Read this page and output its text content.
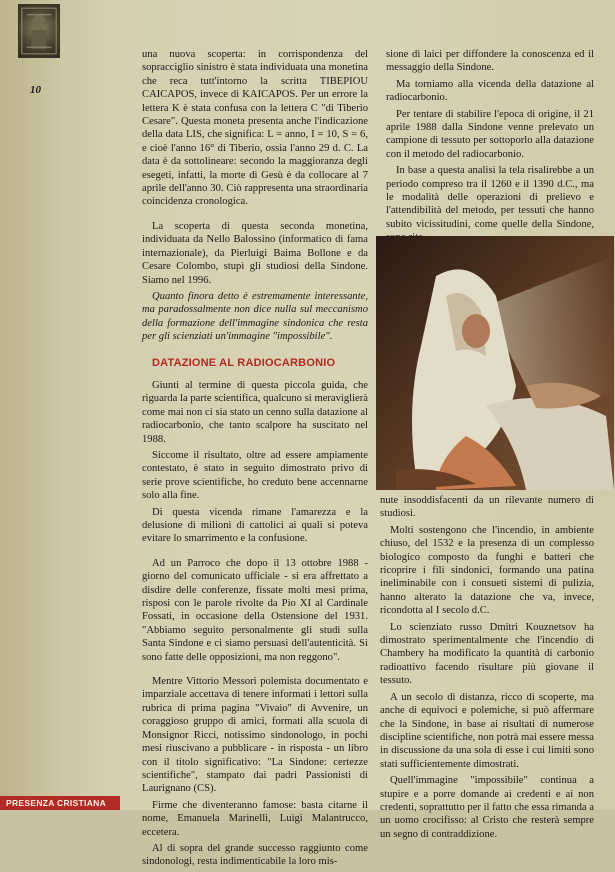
10

una nuova scoperta: in corrispondenza del sopracciglio sinistro è stata individuata una monetina che reca tutt'intorno la scritta TIBEPIOU CAICAPOS, invece di KAICAPOS. Per un errore la lettera K è stata confusa con la lettera C "di Tiberio Cesare". Questa moneta presenta anche l'indicazione della data LIS, che significa: L = anno, I = 10, S = 6, e cioè l'anno 16° di Tiberio, ossia l'anno 29 d. C. La data è da sottolineare: secondo la maggioranza degli esegeti, infatti, la morte di Gesù è da collocare al 7 aprile dell'anno 30. Ciò rappresenta una straordinaria coincidenza cronologica.

La scoperta di questa seconda monetina, individuata da Nello Balossino (informatico di fama internazionale), da Pierluigi Baima Bollone e da Cesare Colombo, stupì gli studiosi della Sindone. Siamo nel 1996.

Quanto finora detto è estremamente interessante, ma paradossalmente non dice nulla sul meccanismo della formazione dell'immagine sindonica che resta per gli scienziati un'immagine "impossibile".

DATAZIONE AL RADIOCARBONIO

Giunti al termine di questa piccola guida, che riguarda la parte scientifica, qualcuno si meraviglierà come mai non ci sia stato un cenno sulla datazione al radiocarbonio, che tanto scalpore ha suscitato nel 1988.

Siccome il risultato, oltre ad essere ampiamente contestato, è stato in seguito dimostrato privo di serie prove scientifiche, ho creduto bene accennarne solo alla fine.

Di questa vicenda rimane l'amarezza e la delusione di milioni di cattolici ai quali si poteva evitare lo smarrimento e la confusione.

Ad un Parroco che dopo il 13 ottobre 1988 - giorno del comunicato ufficiale - si era affrettato a disdire delle conferenze, fissate molti mesi prima, risposi con le parole rivolte da Pio XI al Cardinale Fossati, in occasione della Ostensione del 1931. "Abbiamo seguito personalmente gli studi sulla Santa Sindone e ci siamo persuasi dell'autenticità. Si sono fatte delle opposizioni, ma non reggono".

Mentre Vittorio Messori polemista documentato e imparziale accettava di tenere informati i lettori sulla rubrica di prima pagina "Vivaio" di Avvenire, un coraggioso gruppo di amici, formati alla scuola di Monsignor Ricci, notissimo sindonologo, in pochi mesi riuscivano a pubblicare - in risposta - un libro con il titolo significativo: "La Sindone: certezze scientifiche", stampato dai padri Passionisti di Laurignano (CS).

Firme che diventeranno famose: basta citarne il nome, Emanuela Marinelli, Luigi Malantrucco, eccetera.

Al di sopra del grande successo raggiunto come sindonologi, resta indimenticabile la loro mis-

sione di laici per diffondere la conoscenza ed il messaggio della Sindone.

Ma torniamo alla vicenda della datazione al radiocarbonio.

Per tentare di stabilire l'epoca di origine, il 21 aprile 1988 dalla Sindone venne prelevato un campione di tessuto per sottoporlo alla datazione con il metodo del radiocarbonio.

In base a questa analisi la tela risalirebbe a un periodo compreso tra il 1260 e il 1390 d.C., ma le modalità delle operazioni di prelievo e l'attendibilità del metodo, per tessuti che hanno subito vicissitudini, come quelle della Sindone,

nute insoddisfacenti da un rilevante numero di studiosi.

Molti sostengono che l'incendio, in ambiente chiuso, del 1532 e la presenza di un complesso biologico composto da funghi e batteri che ricoprire i fili sindonici, formando una patina ineliminabile con i consueti sistemi di pulizia, hanno alterato la datazione che va, invece, ricondotta al I secolo d.C.

Lo scienziato russo Dmitri Kouznetsov ha dimostrato sperimentalmente che l'incendio di Chambery ha modificato la quantità di carbonio radioattivo facendo risultare più giovane il tessuto.

A un secolo di distanza, ricco di scoperte, ma anche di equivoci e polemiche, si può affermare che la Sindone, in base ai risultati di numerose discipline scientifiche, non potrà mai essere messa in discussione da una sola di esse i cui limiti sono stati sufficientemente dimostrati.

Quell'immagine "impossibile" continua a stupire e a porre domande ai credenti e ai non credenti, soprattutto per il fatto che essa rimanda a un uomo crocifisso: al Cristo che resterà sempre un segno di contraddizione.

PRESENZA CRISTIANA
